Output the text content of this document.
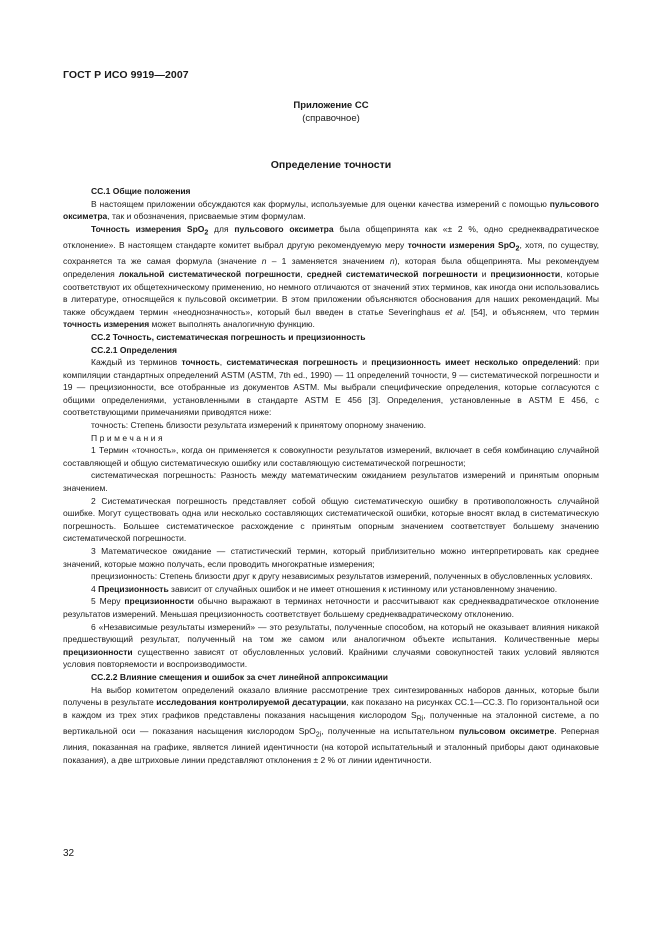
ГОСТ Р ИСО 9919—2007
Приложение СС
(справочное)
Определение точности

СС.1 Общие положения

В настоящем приложении обсуждаются как формулы, используемые для оценки качества измерений с помощью пульсового оксиметра, так и обозначения, присваемые этим формулам.

Точность измерения SpO$_2$ для пульсового оксиметра была общепринята как «± 2 %, одно среднеквадратическое отклонение». В настоящем стандарте комитет выбрал другую рекомендуемую меру точности измерения SpO$_2$, хотя, по существу, сохраняется та же самая формула (значение n – 1 заменяется значением n), которая была общепринята. Мы рекомендуем определения локальной систематической погрешности, средней систематической погрешности и прецизионности, которые соответствуют их общетехническому применению, но немного отличаются от значений этих терминов, как иногда они использовались в литературе, относящейся к пульсовой оксиметрии. В этом приложении объясняются обоснования для наших рекомендаций. Мы также обсуждаем термин «неоднозначность», который был введен в статье Severinghaus et al. [54], и объясняем, что термин точность измерения может выполнять аналогичную функцию.

СС.2 Точность, систематическая погрешность и прецизионность

СС.2.1 Определения

Каждый из терминов точность, систематическая погрешность и прецизионность имеет несколько определений: при компиляции стандартных определений ASTM (ASTM, 7th ed., 1990) — 11 определений точности, 9 — систематической погрешности и 19 — прецизионности, все отобранные из документов ASTM. Мы выбрали специфические определения, которые согласуются с общими определениями, установленными в стандарте ASTM E 456 [3]. Определения, установленные в ASTM E 456, с соответствующими примечаниями приводятся ниже:

точность: Степень близости результата измерений к принятому опорному значению.

Примечания

1 Термин «точность», когда он применяется к совокупности результатов измерений, включает в себя комбинацию случайной составляющей и общую систематическую ошибку или составляющую систематической погрешности;

систематическая погрешность: Разность между математическим ожиданием результатов измерений и принятым опорным значением.

2 Систематическая погрешность представляет собой общую систематическую ошибку в противоположность случайной ошибке. Могут существовать одна или несколько составляющих систематической ошибки, которые вносят вклад в систематическую погрешность. Большее систематическое расхождение с принятым опорным значением соответствует большему значению систематической погрешности.

3 Математическое ожидание — статистический термин, который приблизительно можно интерпретировать как среднее значений, которые можно получать, если проводить многократные измерения;

прецизионность: Степень близости друг к другу независимых результатов измерений, полученных в обусловленных условиях.

4 Прецизионность зависит от случайных ошибок и не имеет отношения к истинному или установленному значению.

5 Меру прецизионности обычно выражают в терминах неточности и рассчитывают как среднеквадратическое отклонение результатов измерений. Меньшая прецизионность соответствует большему среднеквадратическому отклонению.

6 «Независимые результаты измерений» — это результаты, полученные способом, на который не оказывает влияния никакой предшествующий результат, полученный на том же самом или аналогичном объекте испытания. Количественные меры прецизионности существенно зависят от обусловленных условий. Крайними случаями совокупностей таких условий являются условия повторяемости и воспроизводимости.

СС.2.2 Влияние смещения и ошибок за счет линейной аппроксимации

На выбор комитетом определений оказало влияние рассмотрение трех синтезированных наборов данных, которые были получены в результате исследования контролируемой десатурации, как показано на рисунках СС.1—СС.3. По горизонтальной оси в каждом из трех этих графиков представлены показания насыщения кислородом $S_{Ri}$, полученные на эталонной системе, а по вертикальной оси — показания насыщения кислородом SpO$_{2i}$, полученные на испытательном пульсовом оксиметре. Реперная линия, показанная на графике, является линией идентичности (на которой испытательный и эталонный приборы дают одинаковые показания), а две штриховые линии представляют отклонения ± 2 % от линии идентичности.

32
